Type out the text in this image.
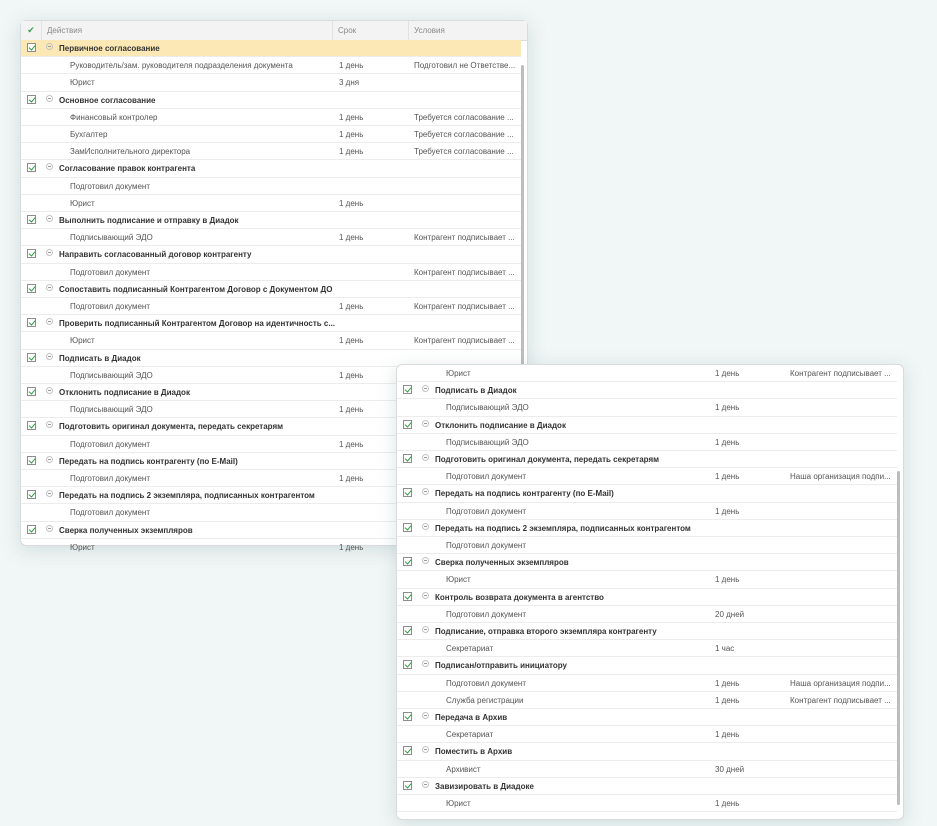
✔	Действия	Срок	Условия
Первичное согласование
Руководитель/зам. руководителя подразделения документа	1 день	Подготовил не Ответстве...
Юрист	3 дня
Основное согласование
Финансовый контролер	1 день	Требуется согласование ...
Бухгалтер	1 день	Требуется согласование ...
ЗамИсполнительного директора	1 день	Требуется согласование ...
Согласование правок контрагента
Подготовил документ
Юрист	1 день
Выполнить подписание и отправку в Диадок
Подписывающий ЭДО	1 день	Контрагент подписывает ...
Направить согласованный договор контрагенту
Подготовил документ	Контрагент подписывает ...
Сопоставить подписанный Контрагентом Договор с Документом ДО
Подготовил документ	1 день	Контрагент подписывает ...
Проверить подписанный Контрагентом Договор на идентичность с...
Юрист	1 день	Контрагент подписывает ...
Подписать в Диадок
Подписывающий ЭДО	1 день
Отклонить подписание в Диадок
Подписывающий ЭДО	1 день
Подготовить оригинал документа, передать секретарям
Подготовил документ	1 день
Передать на подпись контрагенту (по E-Mail)
Подготовил документ	1 день
Передать на подпись 2 экземпляра, подписанных контрагентом
Подготовил документ
Сверка полученных экземпляров
Юрист	1 день
Юрист	1 день	Контрагент подписывает ...
Подписать в Диадок
Подписывающий ЭДО	1 день
Отклонить подписание в Диадок
Подписывающий ЭДО	1 день
Подготовить оригинал документа, передать секретарям
Подготовил документ	1 день	Наша организация подпи...
Передать на подпись контрагенту (по E-Mail)
Подготовил документ	1 день
Передать на подпись 2 экземпляра, подписанных контрагентом
Подготовил документ
Сверка полученных экземпляров
Юрист	1 день
Контроль возврата документа в агентство
Подготовил документ	20 дней
Подписание, отправка второго экземпляра контрагенту
Секретариат	1 час
Подписан/отправить инициатору
Подготовил документ	1 день	Наша организация подпи...
Служба регистрации	1 день	Контрагент подписывает ...
Передача в Архив
Секретариат	1 день
Поместить в Архив
Архивист	30 дней
Завизировать в Диадоке
Юрист	1 день
